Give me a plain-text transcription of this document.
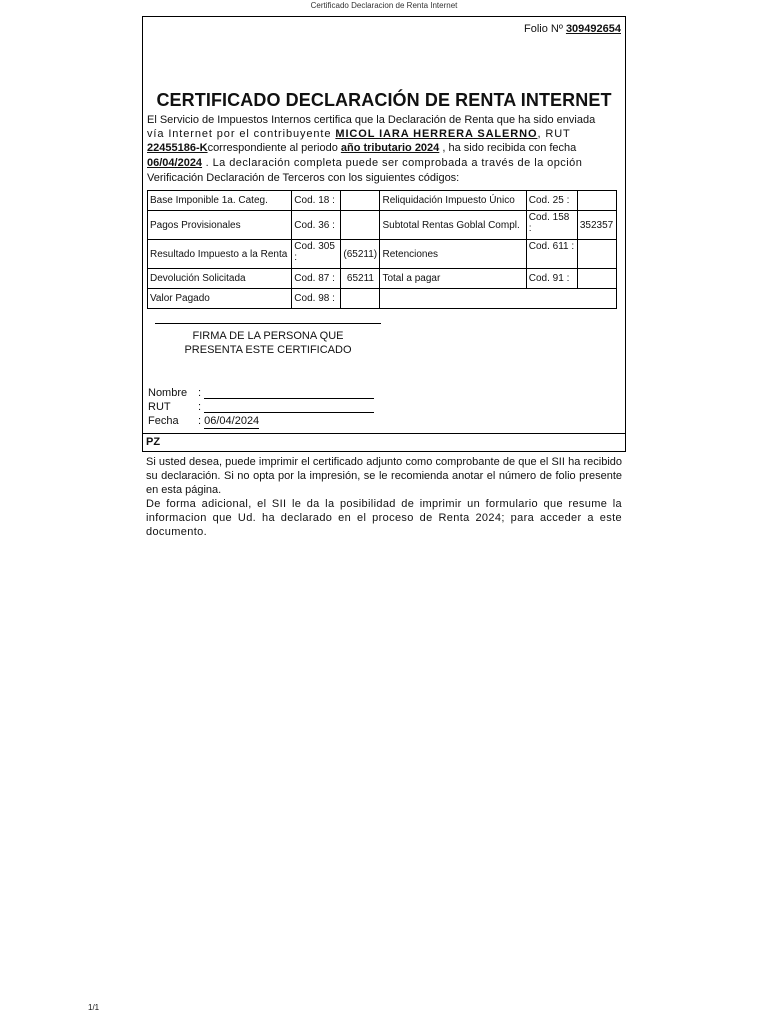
Certificado Declaracion de Renta Internet
Folio Nº 309492654
CERTIFICADO DECLARACIÓN DE RENTA INTERNET
El Servicio de Impuestos Internos certifica que la Declaración de Renta que ha sido enviada
vía Internet por el contribuyente MICOL IARA HERRERA SALERNO, RUT
22455186-Kcorrespondiente al periodo año tributario 2024 , ha sido recibida con fecha
06/04/2024 . La declaración completa puede ser comprobada a través de la opción
Verificación Declaración de Terceros con los siguientes códigos:
Base Imponible 1a. Categ.	Cod. 18 :		Reliquidación Impuesto Único	Cod. 25 :	
Pagos Provisionales	Cod. 36 :		Subtotal Rentas Goblal Compl.	Cod. 158 :	352357
Resultado Impuesto a la Renta	Cod. 305 :	(65211)	Retenciones	Cod. 611 :	
Devolución Solicitada	Cod. 87 :	65211	Total a pagar	Cod. 91 :	
Valor Pagado	Cod. 98 :				
FIRMA DE LA PERSONA QUE
PRESENTA ESTE CERTIFICADO
Nombre :

RUT	:

Fecha	:
06/04/2024
PZ

Si usted desea, puede imprimir el certificado adjunto como comprobante de que el SII ha recibido su declaración. Si no opta por la impresión, se le recomienda anotar el número de folio presente en esta página.

De forma adicional, el SII le da la posibilidad de imprimir un formulario que resume la informacion que Ud. ha declarado en el proceso de Renta 2024; para acceder a este documento.

1/1
